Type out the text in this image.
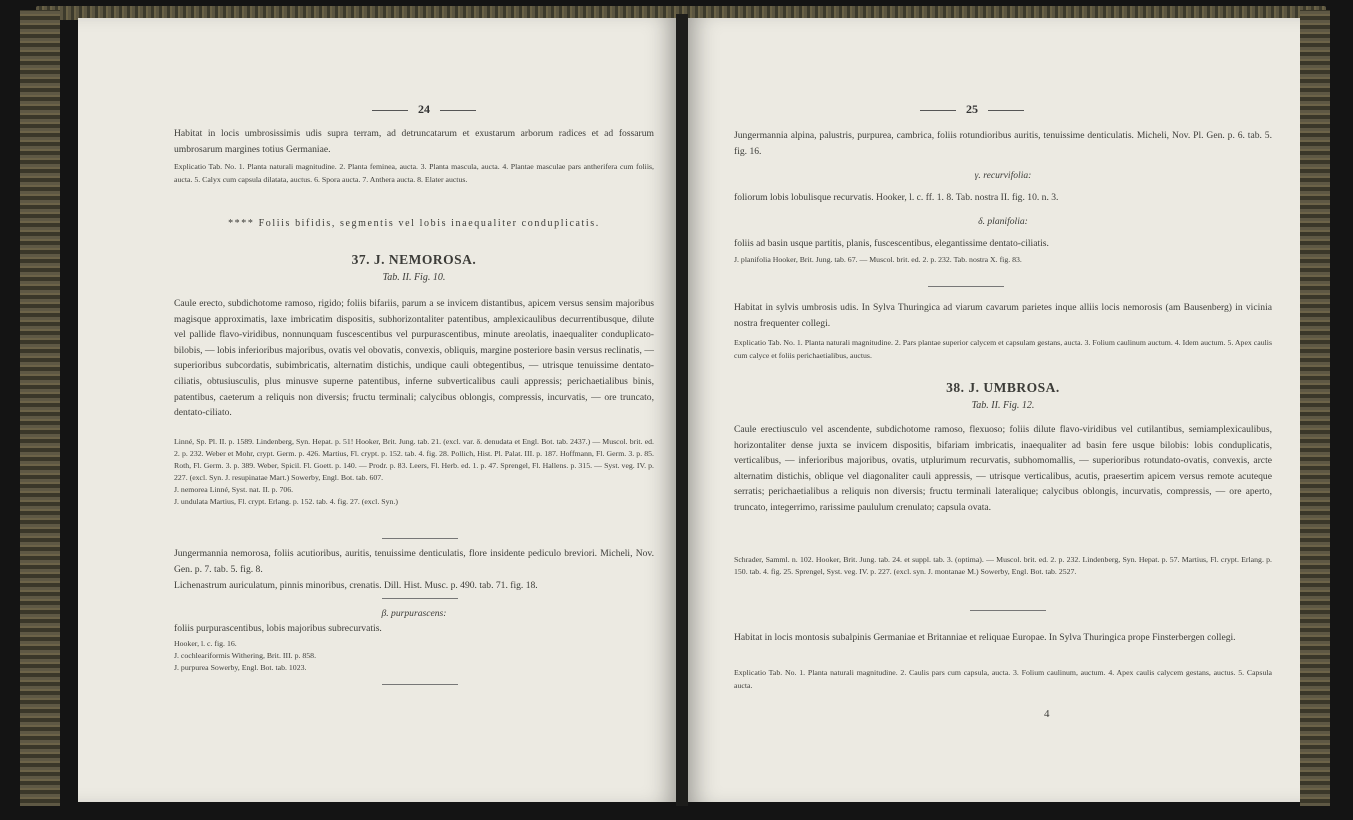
24

Habitat in locis umbrosissimis udis supra terram, ad detruncatarum et exustarum arborum radices et ad fossarum umbrosarum margines totius Germaniae.

Explicatio Tab. No. 1. Planta naturali magnitudine. 2. Planta feminea, aucta. 3. Planta mascula, aucta. 4. Plantae masculae pars antherifera cum foliis, aucta. 5. Calyx cum capsula dilatata, auctus. 6. Spora aucta. 7. Anthera aucta. 8. Elater auctus.

**** Foliis bifidis, segmentis vel lobis inaequaliter conduplicatis.

37. J. NEMOROSA.

Tab. II. Fig. 10.

Caule erecto, subdichotome ramoso, rigido; foliis bifariis, parum a se invicem distantibus, apicem versus sensim majoribus magisque approximatis, laxe imbricatim dispositis, subhorizontaliter patentibus, amplexicaulibus decurrentibusque, dilute vel pallide flavo-viridibus, nonnunquam fuscescentibus vel purpurascentibus, minute areolatis, inaequaliter conduplicato-bilobis, — lobis inferioribus majoribus, ovatis vel obovatis, convexis, obliquis, margine posteriore basin versus reclinatis, — superioribus subcordatis, subimbricatis, alternatim distichis, undique cauli obtegentibus, — utrisque tenuissime dentato-ciliatis, obtusiusculis, plus minusve superne patentibus, inferne subverticalibus cauli appressis; perichaetialibus binis, patentibus, caeterum a reliquis non diversis; fructu terminali; calycibus oblongis, compressis, incurvatis, — ore truncato, dentato-ciliato.

Linné, Sp. Pl. II. p. 1589. Lindenberg, Syn. Hepat. p. 51! Hooker, Brit. Jung. tab. 21. (excl. var. δ. denudata et Engl. Bot. tab. 2437.) — Muscol. brit. ed. 2. p. 232. Weber et Mohr, crypt. Germ. p. 426. Martius, Fl. crypt. p. 152. tab. 4. fig. 28. Pollich, Hist. Pl. Palat. III. p. 187. Hoffmann, Fl. Germ. 3. p. 85. Roth, Fl. Germ. 3. p. 389. Weber, Spicil. Fl. Goett. p. 140. — Prodr. p. 83. Leers, Fl. Herb. ed. 1. p. 47. Sprengel, Fl. Hallens. p. 315. — Syst. veg. IV. p. 227. (excl. Syn. J. resupinatae Mart.) Sowerby, Engl. Bot. tab. 607.

J. nemorea Linné, Syst. nat. II. p. 706.

J. undulata Martius, Fl. crypt. Erlang. p. 152. tab. 4. fig. 27. (excl. Syn.)

Jungermannia nemorosa, foliis acutioribus, auritis, tenuissime denticulatis, flore insidente pediculo breviori. Micheli, Nov. Gen. p. 7. tab. 5. fig. 8.

Lichenastrum auriculatum, pinnis minoribus, crenatis. Dill. Hist. Musc. p. 490. tab. 71. fig. 18.

β. purpurascens:

foliis purpurascentibus, lobis majoribus subrecurvatis.

Hooker, l. c. fig. 16.

J. cochleariformis Withering, Brit. III. p. 858.

J. purpurea Sowerby, Engl. Bot. tab. 1023.

25

Jungermannia alpina, palustris, purpurea, cambrica, foliis rotundioribus auritis, tenuissime denticulatis. Micheli, Nov. Pl. Gen. p. 6. tab. 5. fig. 16.

γ. recurvifolia:

foliorum lobis lobulisque recurvatis. Hooker, l. c. ff. 1. 8. Tab. nostra II. fig. 10. n. 3.

δ. planifolia:

foliis ad basin usque partitis, planis, fuscescentibus, elegantissime dentato-ciliatis.

J. planifolia Hooker, Brit. Jung. tab. 67. — Muscol. brit. ed. 2. p. 232. Tab. nostra X. fig. 83.

Habitat in sylvis umbrosis udis. In Sylva Thuringica ad viarum cavarum parietes inque alliis locis nemorosis (am Bausenberg) in vicinia nostra frequenter collegi.

Explicatio Tab. No. 1. Planta naturali magnitudine. 2. Pars plantae superior calycem et capsulam gestans, aucta. 3. Folium caulinum auctum. 4. Idem auctum. 5. Apex caulis cum calyce et foliis perichaetialibus, auctus.

38. J. UMBROSA.

Tab. II. Fig. 12.

Caule erectiusculo vel ascendente, subdichotome ramoso, flexuoso; foliis dilute flavo-viridibus vel cutilantibus, semiamplexicaulibus, horizontaliter dense juxta se invicem dispositis, bifariam imbricatis, inaequaliter ad basin fere usque bilobis: lobis conduplicatis, verticalibus, — inferioribus majoribus, ovatis, utplurimum recurvatis, subhomomallis, — superioribus rotundato-ovatis, convexis, arcte alternatim distichis, oblique vel diagonaliter cauli appressis, — utrisque verticalibus, acutis, praesertim apicem versus remote acuteque serratis; perichaetialibus a reliquis non diversis; fructu terminali lateralique; calycibus oblongis, incurvatis, compressis, — ore aperto, truncato, integerrimo, rarissime paululum crenulato; capsula ovata.

Schrader, Samml. n. 102. Hooker, Brit. Jung. tab. 24. et suppl. tab. 3. (optima). — Muscol. brit. ed. 2. p. 232. Lindenberg, Syn. Hepat. p. 57. Martius, Fl. crypt. Erlang. p. 150. tab. 4. fig. 25. Sprengel, Syst. veg. IV. p. 227. (excl. syn. J. montanae M.) Sowerby, Engl. Bot. tab. 2527.

Habitat in locis montosis subalpinis Germaniae et Britanniae et reliquae Europae. In Sylva Thuringica prope Finsterbergen collegi.

Explicatio Tab. No. 1. Planta naturali magnitudine. 2. Caulis pars cum capsula, aucta. 3. Folium caulinum, auctum. 4. Apex caulis calycem gestans, auctus. 5. Capsula aucta.

4
